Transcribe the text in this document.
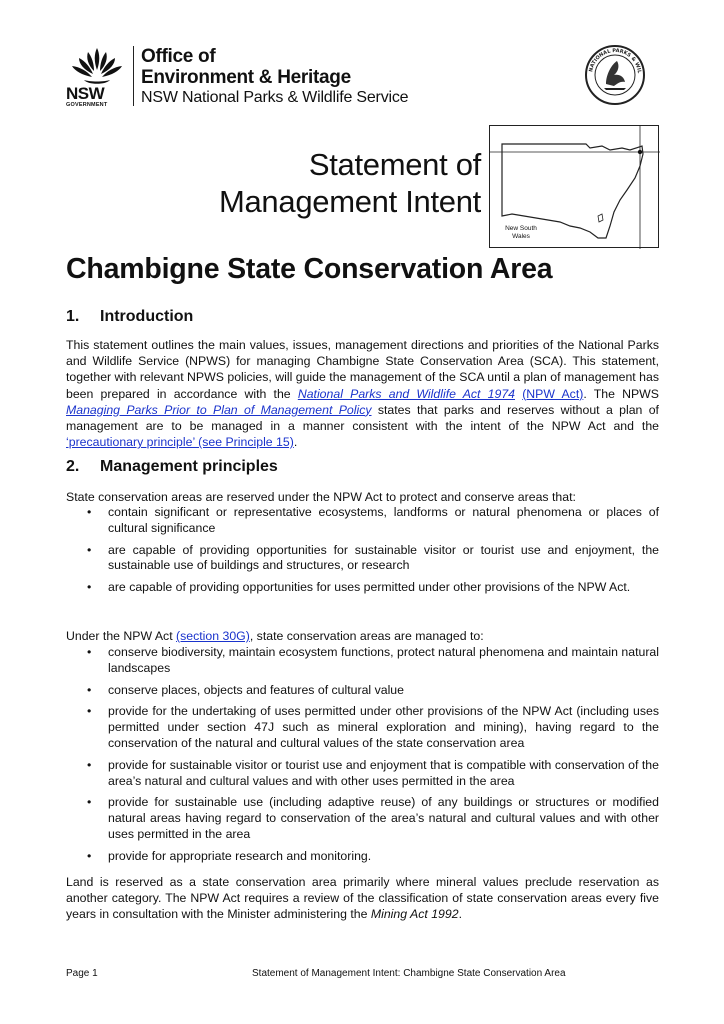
NSW
GOVERNMENT
Office of
Environment & Heritage
NSW National Parks & Wildlife Service
NATIONAL PARKS & WIL
New South
Wales
Statement of
Management Intent
Chambigne State Conservation Area
1. Introduction
This statement outlines the main values, issues, management directions and priorities of the National Parks and Wildlife Service (NPWS) for managing Chambigne State Conservation Area (SCA). This statement, together with relevant NPWS policies, will guide the management of the SCA until a plan of management has been prepared in accordance with the National Parks and Wildlife Act 1974 (NPW Act). The NPWS Managing Parks Prior to Plan of Management Policy states that parks and reserves without a plan of management are to be managed in a manner consistent with the intent of the NPW Act and the ‘precautionary principle’ (see Principle 15).
2. Management principles
State conservation areas are reserved under the NPW Act to protect and conserve areas that:
• contain significant or representative ecosystems, landforms or natural phenomena or places of cultural significance
• are capable of providing opportunities for sustainable visitor or tourist use and enjoyment, the sustainable use of buildings and structures, or research
• are capable of providing opportunities for uses permitted under other provisions of the NPW Act.
Under the NPW Act (section 30G), state conservation areas are managed to:
• conserve biodiversity, maintain ecosystem functions, protect natural phenomena and maintain natural landscapes
• conserve places, objects and features of cultural value
• provide for the undertaking of uses permitted under other provisions of the NPW Act (including uses permitted under section 47J such as mineral exploration and mining), having regard to the conservation of the natural and cultural values of the state conservation area
• provide for sustainable visitor or tourist use and enjoyment that is compatible with conservation of the area’s natural and cultural values and with other uses permitted in the area
• provide for sustainable use (including adaptive reuse) of any buildings or structures or modified natural areas having regard to conservation of the area’s natural and cultural values and with other uses permitted in the area
• provide for appropriate research and monitoring.
Land is reserved as a state conservation area primarily where mineral values preclude reservation as another category. The NPW Act requires a review of the classification of state conservation areas every five years in consultation with the Minister administering the Mining Act 1992.
Page 1	Statement of Management Intent: Chambigne State Conservation Area
